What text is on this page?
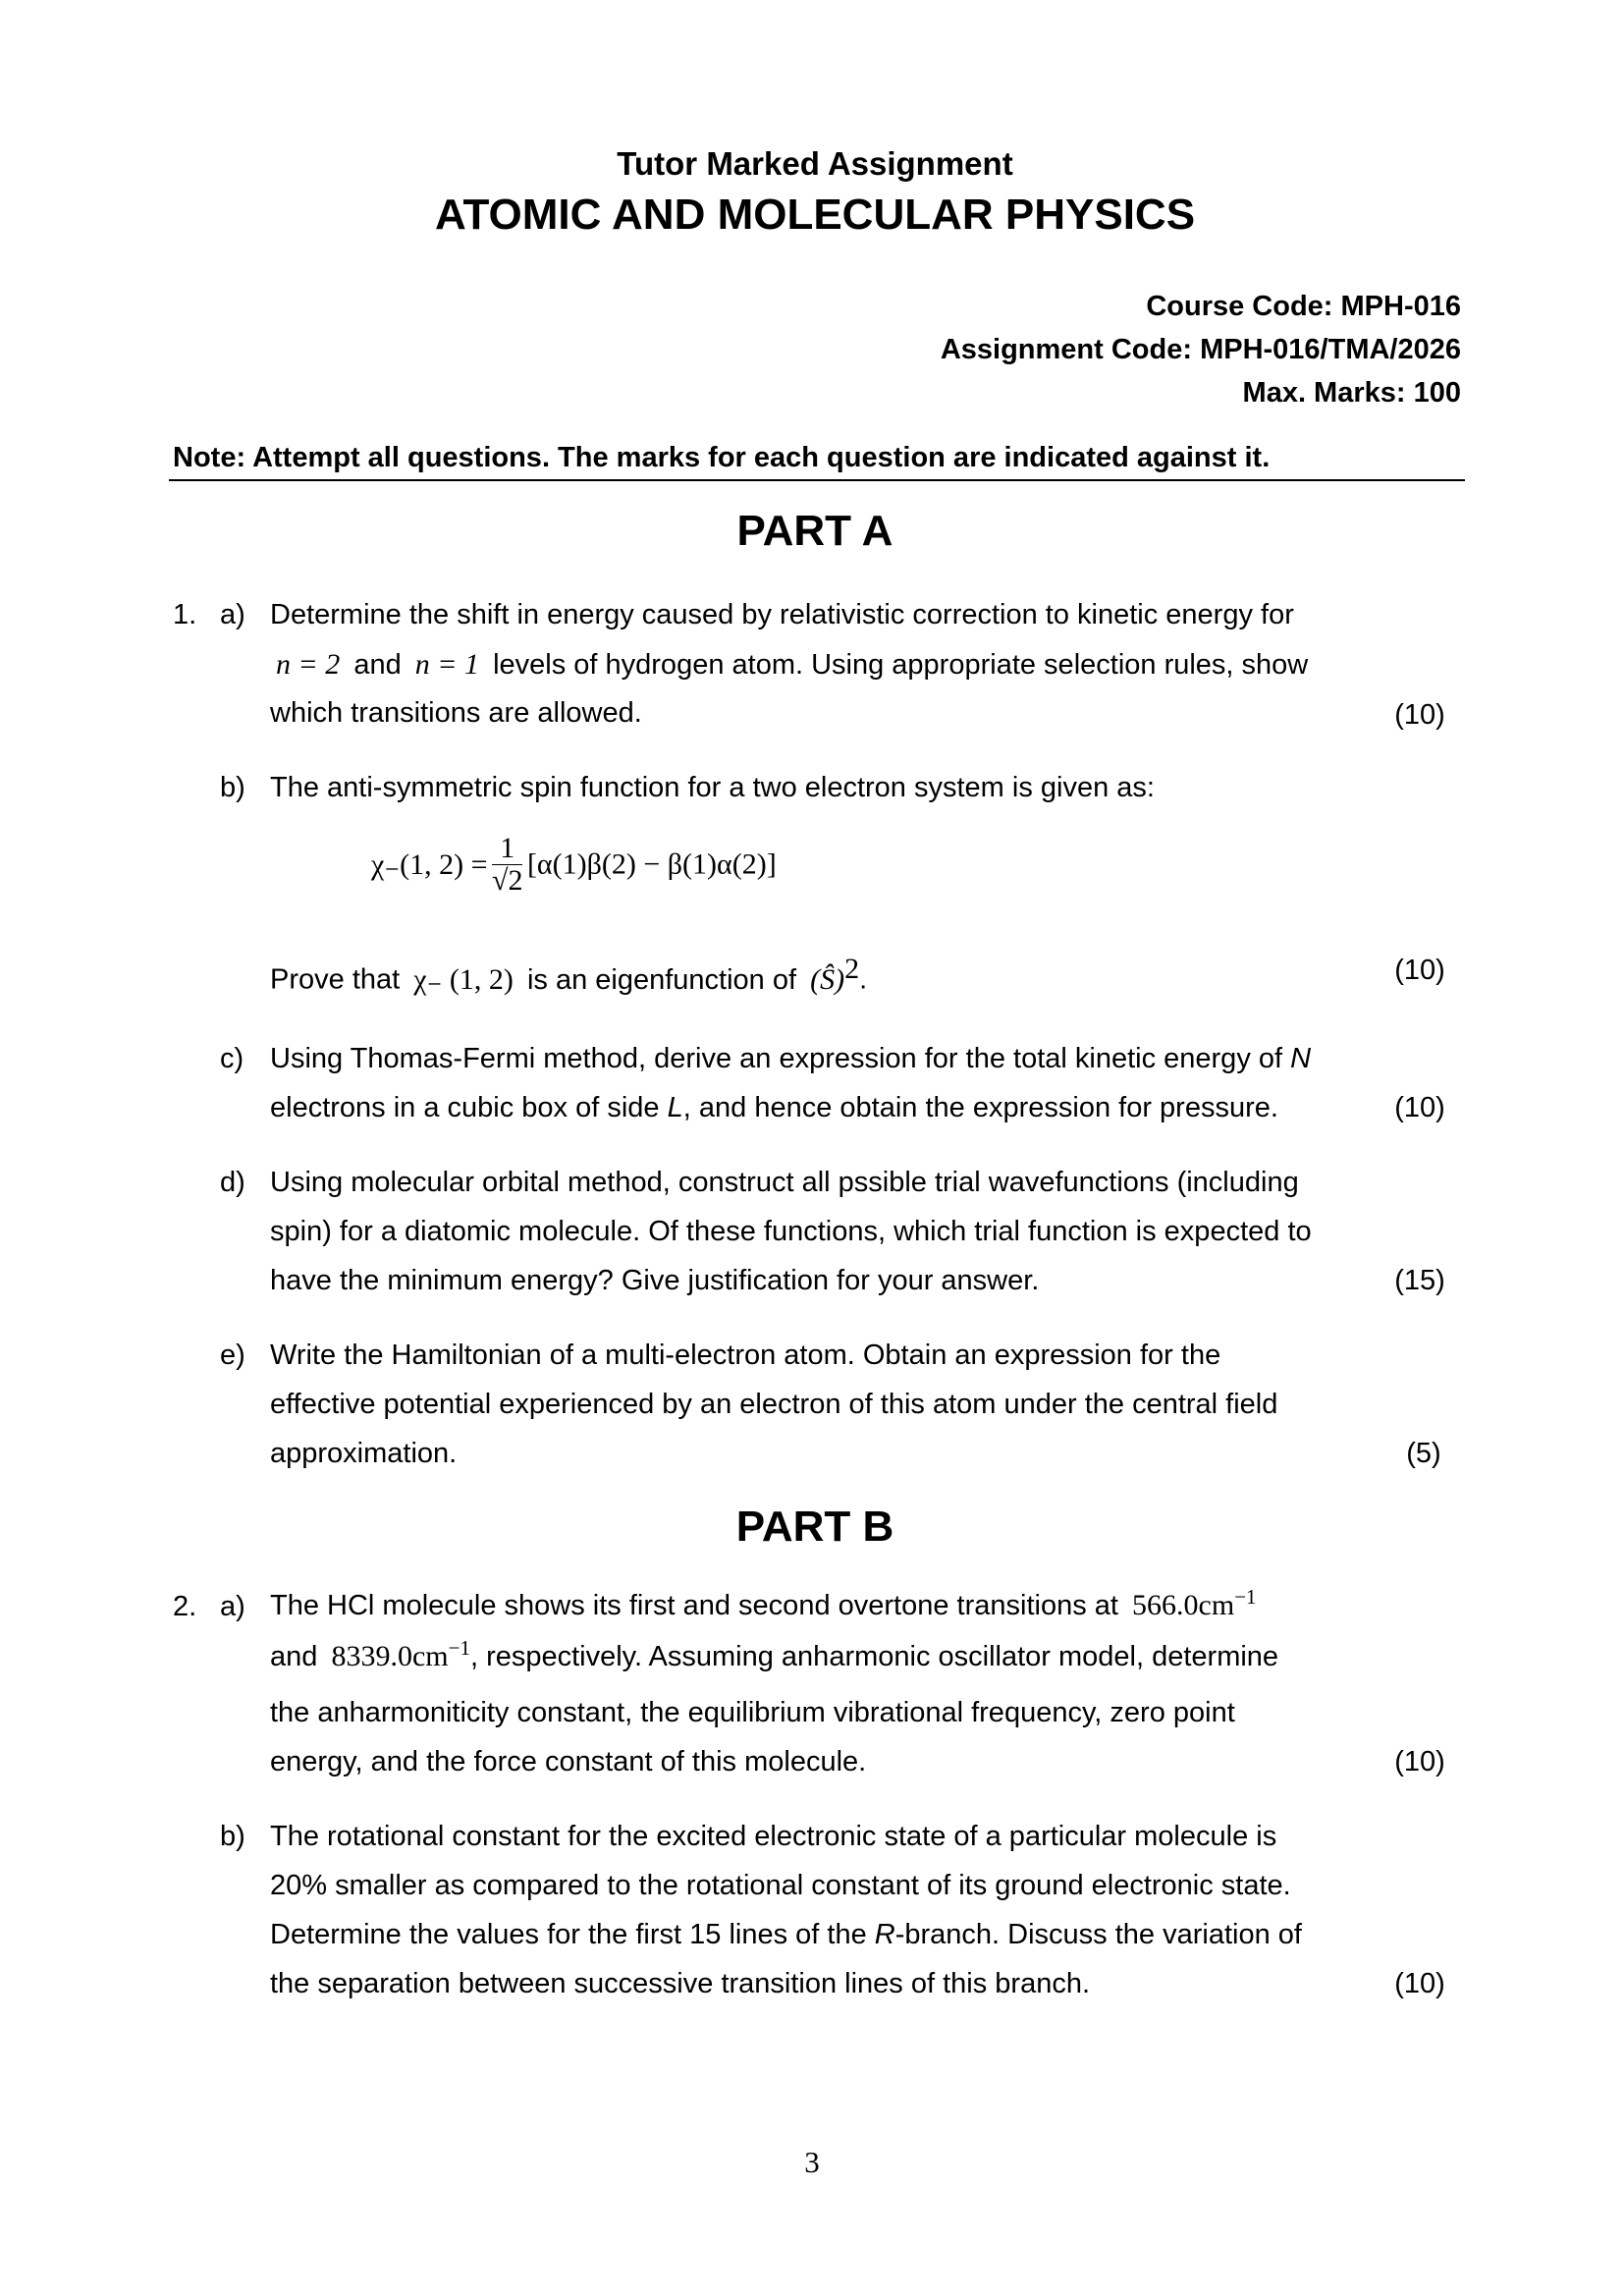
Tutor Marked Assignment
ATOMIC AND MOLECULAR PHYSICS
Course Code: MPH-016
Assignment Code: MPH-016/TMA/2026
Max. Marks: 100
Note: Attempt all questions. The marks for each question are indicated against it.
PART A
1. a) Determine the shift in energy caused by relativistic correction to kinetic energy for
n = 2 and n = 1 levels of hydrogen atom. Using appropriate selection rules, show
which transitions are allowed.	(10)
b) The anti-symmetric spin function for a two electron system is given as:
χ₋(1, $2) = \frac{1}{√2} [\alpha(1)\beta(2) - \beta(1)\alpha(2)]$
Prove that χ₋ (1, 2) is an eigenfunction of (Ŝ)$^2$.	(10)
c) Using Thomas-Fermi method, derive an expression for the total kinetic energy of N
electrons in a cubic box of side L, and hence obtain the expression for pressure.	(10)
d) Using molecular orbital method, construct all pssible trial wavefunctions (including
spin) for a diatomic molecule. Of these functions, which trial function is expected to
have the minimum energy? Give justification for your answer.	(15)
e) Write the Hamiltonian of a multi-electron atom. Obtain an expression for the
effective potential experienced by an electron of this atom under the central field
approximation.	(5)
PART B
2. a) The HCl molecule shows its first and second overtone transitions at $566.0cm^{-1}$
and $8339.0cm^{-1}$, respectively. Assuming anharmonic oscillator model, determine
the anharmoniticity constant, the equilibrium vibrational frequency, zero point
energy, and the force constant of this molecule.	(10)
b) The rotational constant for the excited electronic state of a particular molecule is
20% smaller as compared to the rotational constant of its ground electronic state.
Determine the values for the first 15 lines of the R-branch. Discuss the variation of
the separation between successive transition lines of this branch.	(10)
3
